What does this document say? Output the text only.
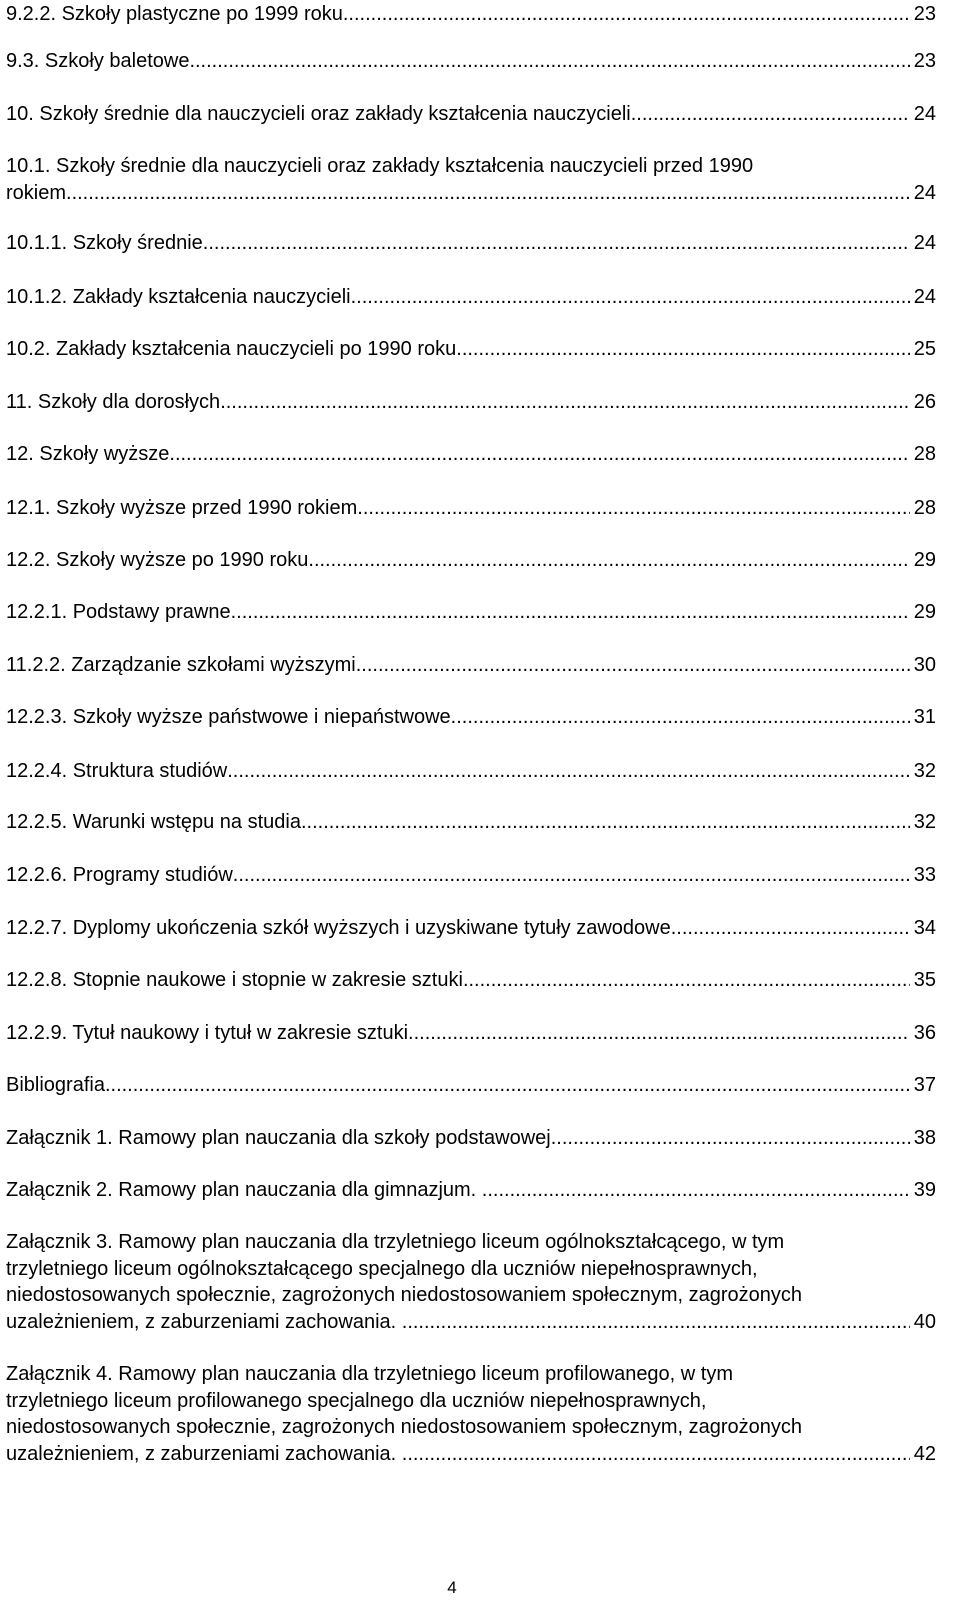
9.2.2. Szkoły plastyczne po 1999 roku .....	23
9.3. Szkoły baletowe .....	23
10. Szkoły średnie dla nauczycieli oraz zakłady kształcenia nauczycieli .....	24
10.1. Szkoły średnie dla nauczycieli oraz zakłady kształcenia nauczycieli przed 1990
rokiem .....	24
10.1.1. Szkoły średnie .....	24
10.1.2. Zakłady kształcenia nauczycieli .....	24
10.2. Zakłady kształcenia nauczycieli po 1990 roku .....	25
11. Szkoły dla dorosłych .....	26
12. Szkoły wyższe .....	28
12.1. Szkoły wyższe przed 1990 rokiem .....	28
12.2. Szkoły wyższe po 1990 roku .....	29
12.2.1. Podstawy prawne .....	29
11.2.2. Zarządzanie szkołami wyższymi .....	30
12.2.3. Szkoły wyższe państwowe i niepaństwowe .....	31
12.2.4. Struktura studiów .....	32
12.2.5. Warunki wstępu na studia .....	32
12.2.6. Programy studiów .....	33
12.2.7. Dyplomy ukończenia szkół wyższych i uzyskiwane tytuły zawodowe .....	34
12.2.8. Stopnie naukowe i stopnie w zakresie sztuki .....	35
12.2.9. Tytuł naukowy i tytuł w zakresie sztuki .....	36
Bibliografia .....	37
Załącznik 1. Ramowy plan nauczania dla szkoły podstawowej .....	38
Załącznik 2. Ramowy plan nauczania dla gimnazjum. .....	39
Załącznik 3. Ramowy plan nauczania dla trzyletniego liceum ogólnokształcącego, w tym
trzyletniego liceum ogólnokształcącego specjalnego dla uczniów niepełnosprawnych,
niedostosowanych społecznie, zagrożonych niedostosowaniem społecznym, zagrożonych
uzależnieniem, z zaburzeniami zachowania. .....	40
Załącznik 4. Ramowy plan nauczania dla trzyletniego liceum profilowanego, w tym
trzyletniego liceum profilowanego specjalnego dla uczniów niepełnosprawnych,
niedostosowanych społecznie, zagrożonych niedostosowaniem społecznym, zagrożonych
uzależnieniem, z zaburzeniami zachowania. .....	42
4
